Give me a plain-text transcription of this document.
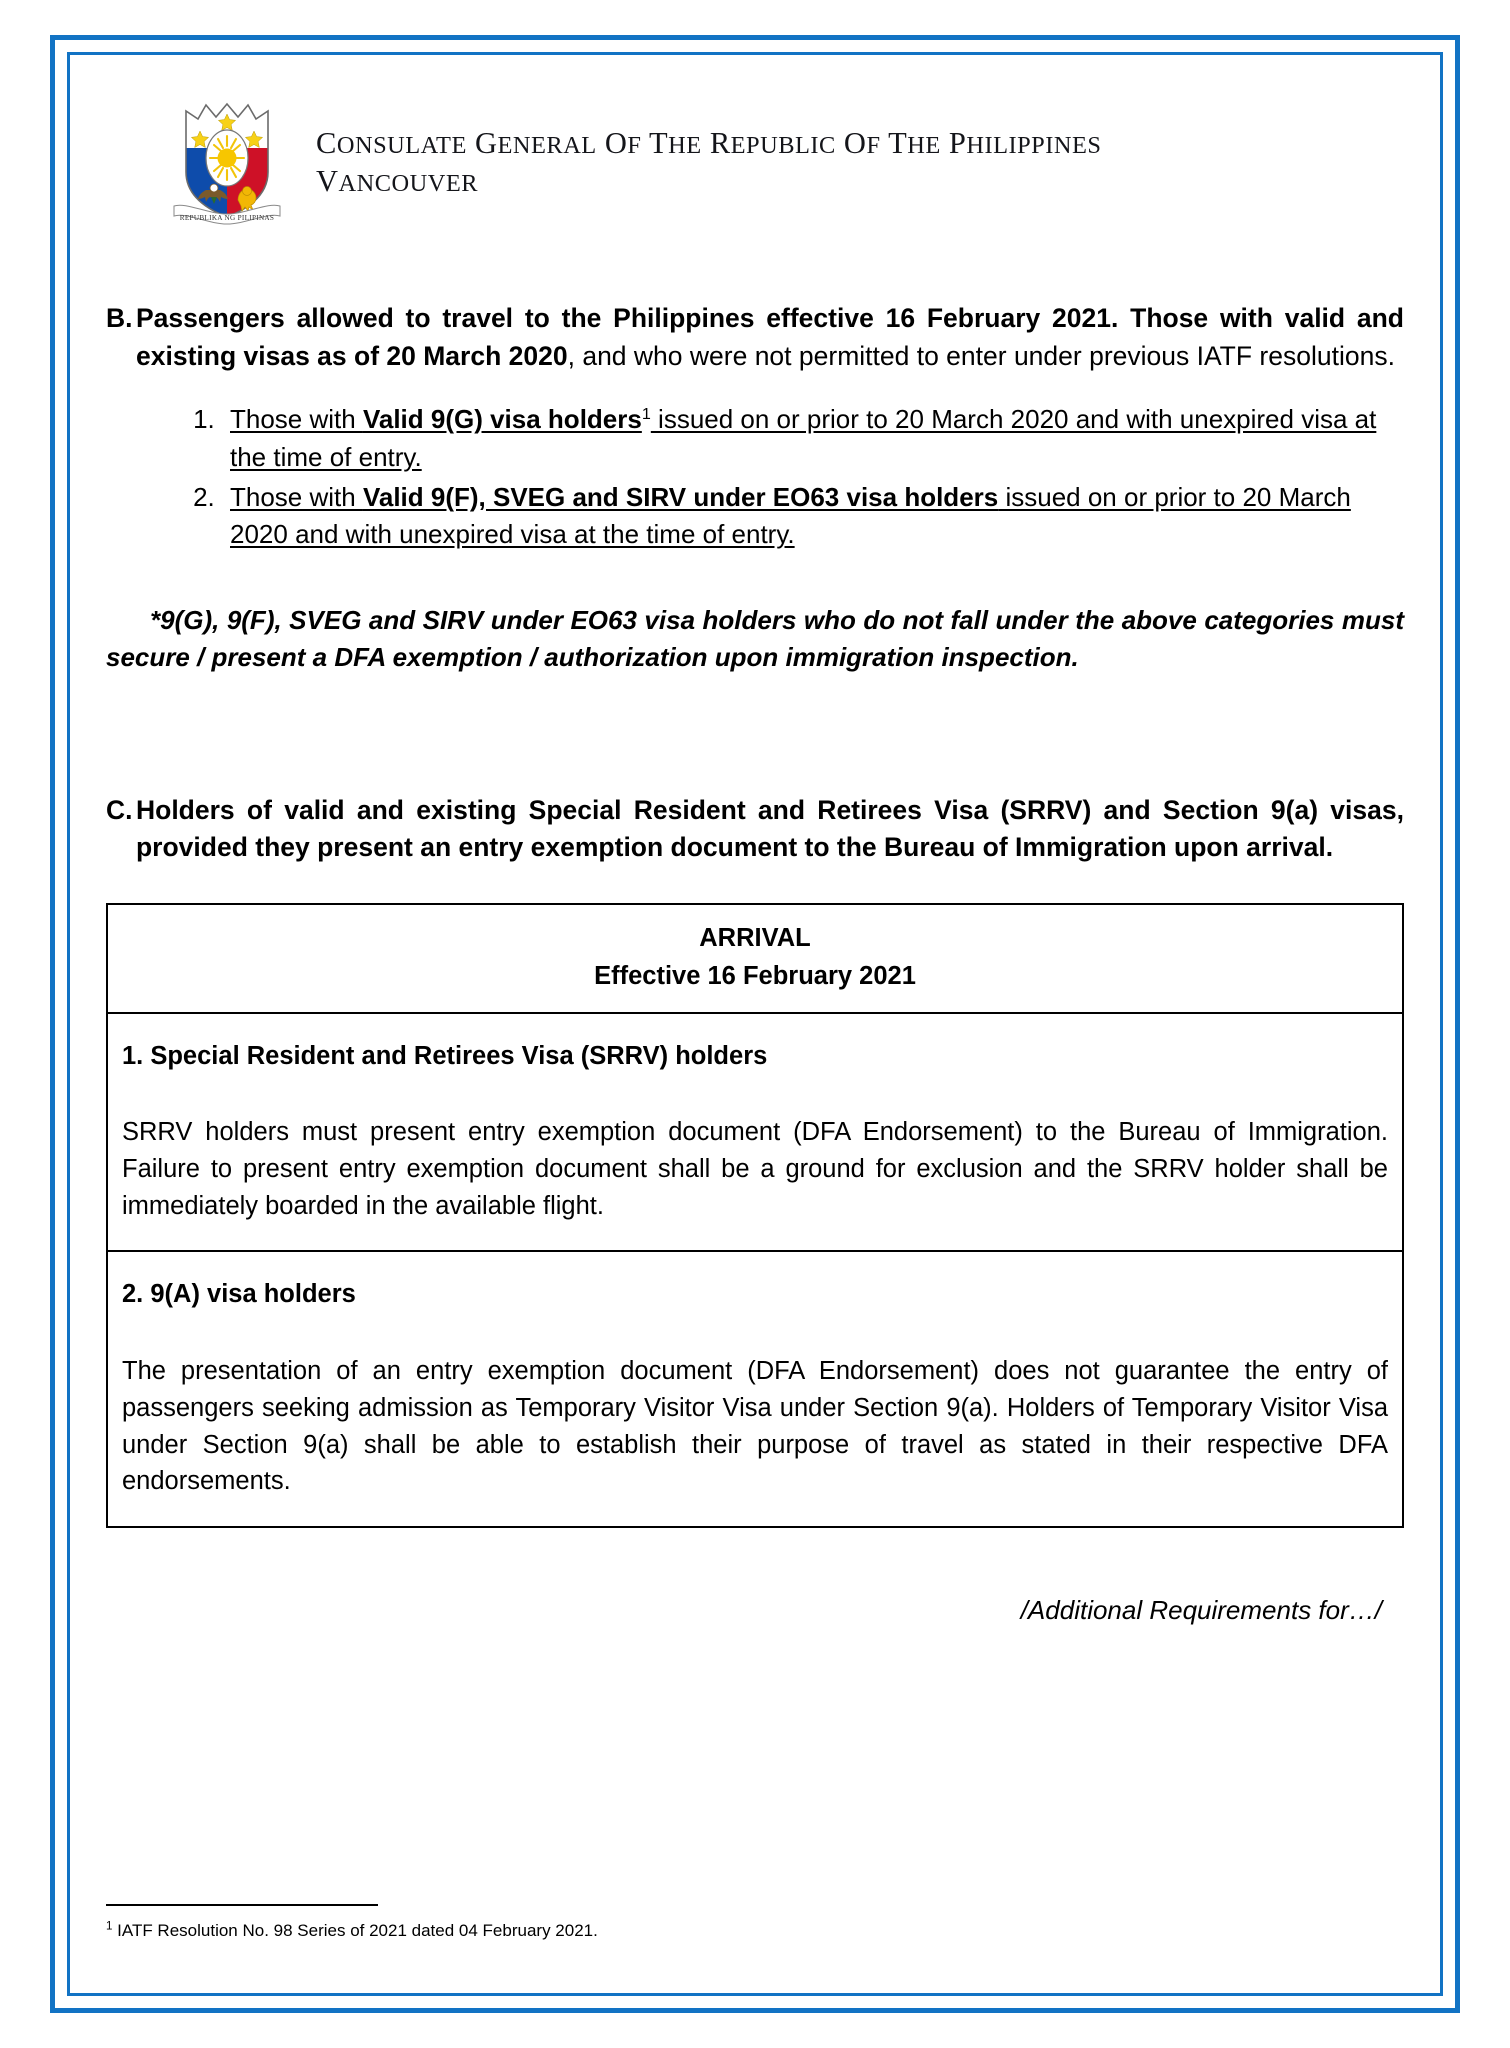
REPUBLIKA NG PILIPINAS
CONSULATE GENERAL OF THE REPUBLIC OF THE PHILIPPINES
VANCOUVER
B. Passengers allowed to travel to the Philippines effective 16 February 2021. Those with valid and existing visas as of 20 March 2020, and who were not permitted to enter under previous IATF resolutions.
1. Those with Valid 9(G) visa holders$^1$ issued on or prior to 20 March 2020 and with unexpired visa at the time of entry.
2. Those with Valid 9(F), SVEG and SIRV under EO63 visa holders issued on or prior to 20 March 2020 and with unexpired visa at the time of entry.
*9(G), 9(F), SVEG and SIRV under EO63 visa holders who do not fall under the above categories must secure / present a DFA exemption / authorization upon immigration inspection.
C. Holders of valid and existing Special Resident and Retirees Visa (SRRV) and Section 9(a) visas, provided they present an entry exemption document to the Bureau of Immigration upon arrival.
ARRIVAL
Effective 16 February 2021

1. Special Resident and Retirees Visa (SRRV) holders

SRRV holders must present entry exemption document (DFA Endorsement) to the Bureau of Immigration. Failure to present entry exemption document shall be a ground for exclusion and the SRRV holder shall be immediately boarded in the available flight.

2. 9(A) visa holders

The presentation of an entry exemption document (DFA Endorsement) does not guarantee the entry of passengers seeking admission as Temporary Visitor Visa under Section 9(a). Holders of Temporary Visitor Visa under Section 9(a) shall be able to establish their purpose of travel as stated in their respective DFA endorsements.

/Additional Requirements for…/
$^1$ IATF Resolution No. 98 Series of 2021 dated 04 February 2021.
